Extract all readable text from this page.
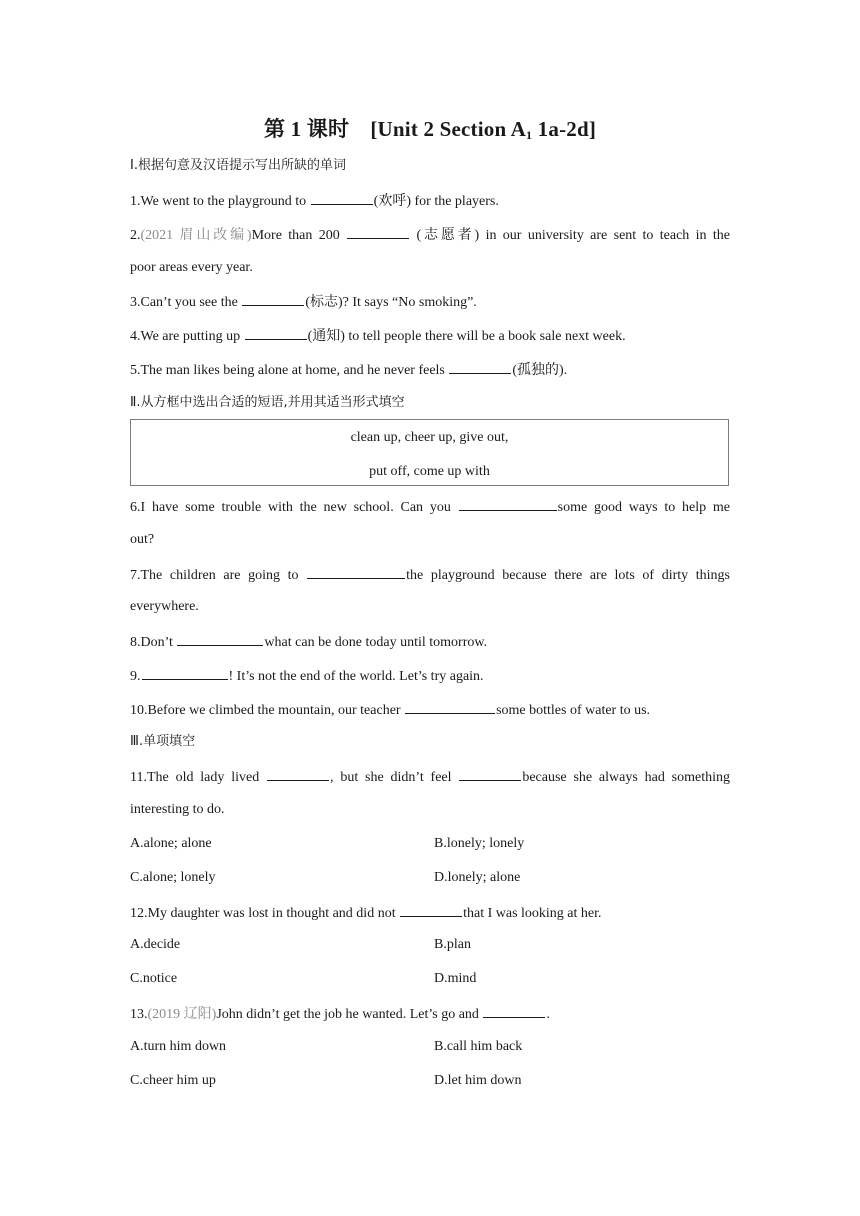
第 1 课时　[Unit 2 Section $A_1$ 1a-2d]
Ⅰ.根据句意及汉语提示写出所缺的单词
1.We went to the playground to	(欢呼) for the players.
2.(2021 眉山改编)More than 200	(志愿者) in our university are sent to teach in the
poor areas every year.
3.Can’t you see the	(标志)? It says “No smoking”.
4.We are putting up	(通知) to tell people there will be a book sale next week.
5.The man likes being alone at home, and he never feels	(孤独的).
Ⅱ.从方框中选出合适的短语,并用其适当形式填空
clean up, cheer up, give out,
put off, come up with
6.I have some trouble with the new school. Can you	some good ways to help me
out?
7.The children are going to	the playground because there are lots of dirty things
everywhere.
8.Don’t	what can be done today until tomorrow.
9.	! It’s not the end of the world. Let’s try again.
10.Before we climbed the mountain, our teacher	some bottles of water to us.
Ⅲ.单项填空
11.The old lady lived	, but she didn’t feel	because she always had something
interesting to do.
A.alone; alone	B.lonely; lonely
C.alone; lonely	D.lonely; alone
12.My daughter was lost in thought and did not	that I was looking at her.
A.decide	B.plan
C.notice	D.mind
13.(2019 辽阳)John didn’t get the job he wanted. Let’s go and	.
A.turn him down	B.call him back
C.cheer him up	D.let him down
